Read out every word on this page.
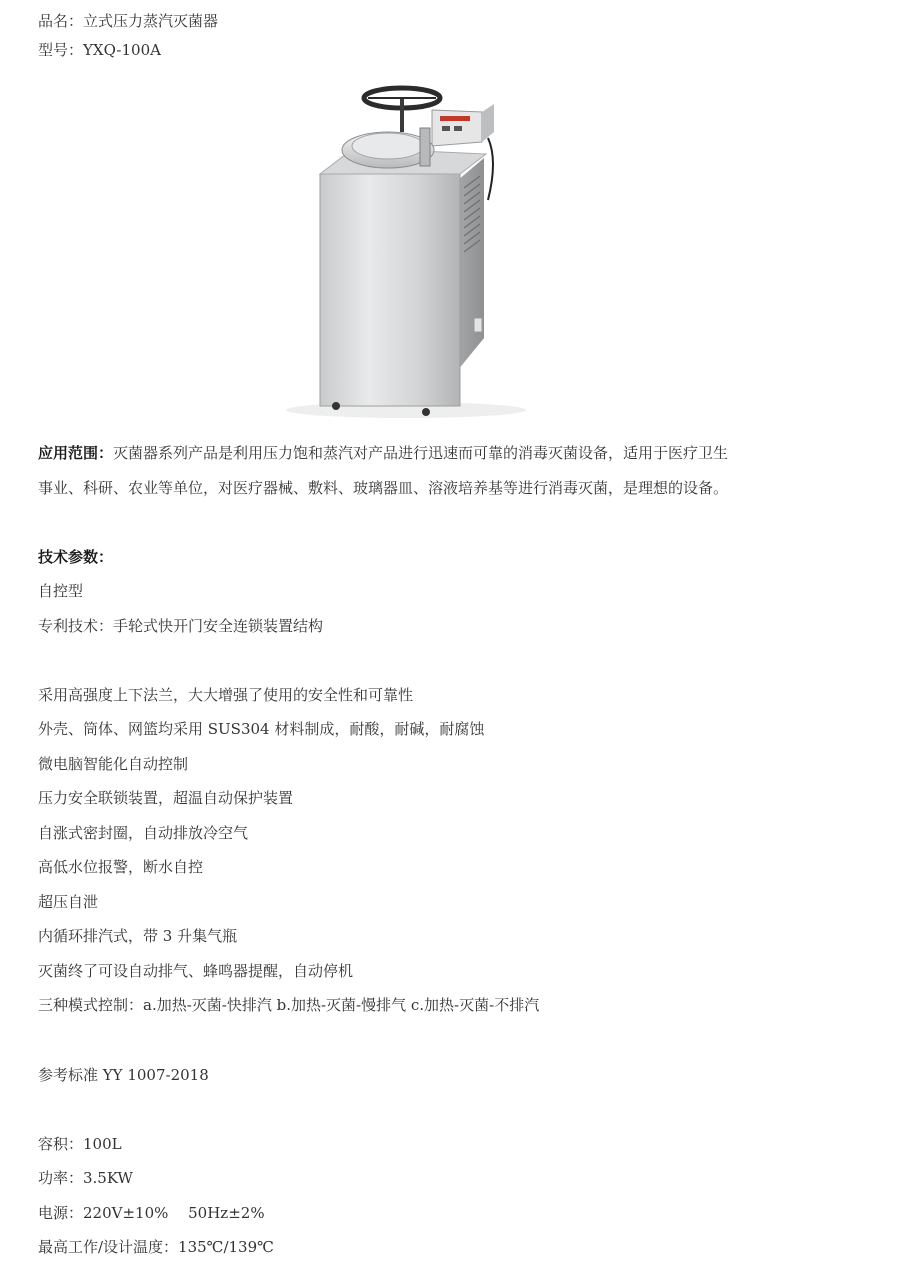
品名：立式压力蒸汽灭菌器
型号：YXQ-100A
应用范围：灭菌器系列产品是利用压力饱和蒸汽对产品进行迅速而可靠的消毒灭菌设备，适用于医疗卫生
事业、科研、农业等单位，对医疗器械、敷料、玻璃器皿、溶液培养基等进行消毒灭菌，是理想的设备。
技术参数：
自控型
专利技术：手轮式快开门安全连锁装置结构
采用高强度上下法兰，大大增强了使用的安全性和可靠性
外壳、筒体、网篮均采用 SUS304 材料制成，耐酸，耐碱，耐腐蚀
微电脑智能化自动控制
压力安全联锁装置，超温自动保护装置
自涨式密封圈，自动排放冷空气
高低水位报警，断水自控
超压自泄
内循环排汽式，带 3 升集气瓶
灭菌终了可设自动排气、蜂鸣器提醒，自动停机
三种模式控制：a.加热-灭菌-快排汽 b.加热-灭菌-慢排气 c.加热-灭菌-不排汽
参考标准 YY 1007-2018
容积：100L
功率：3.5KW
电源：220V±10%　 50Hz±2%
最高工作/设计温度：135℃/139℃
